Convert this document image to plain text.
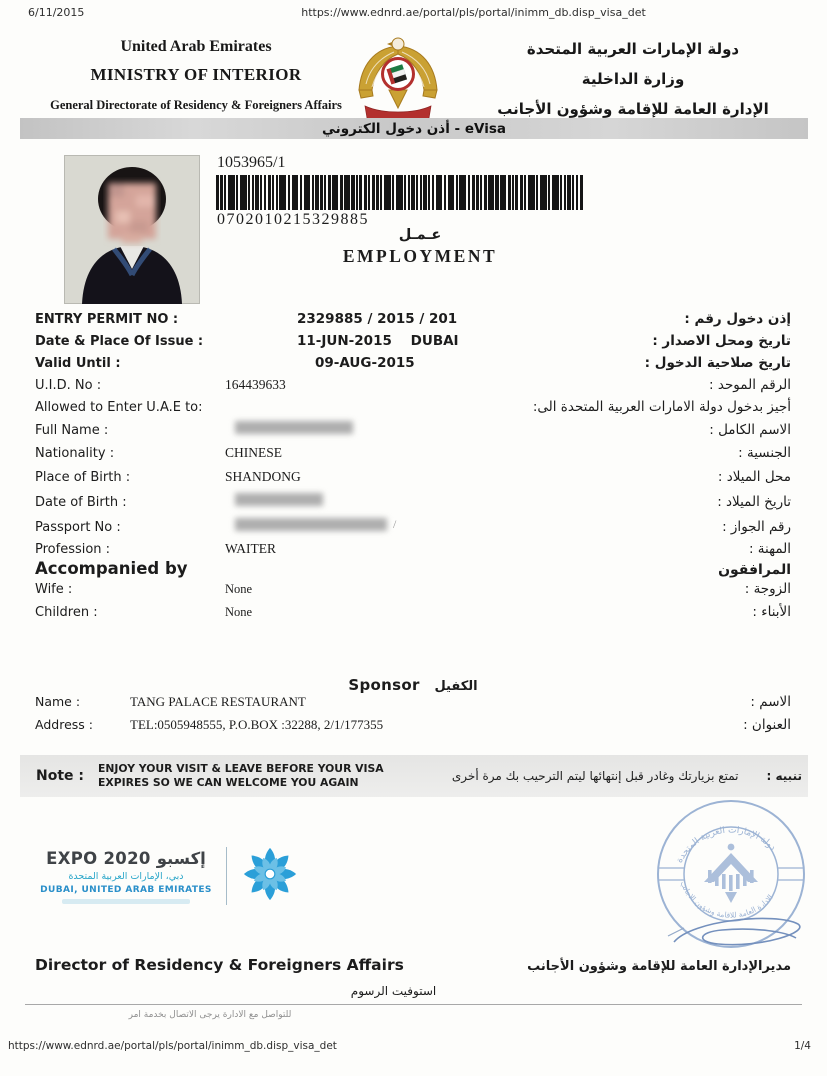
6/11/2015	https://www.ednrd.ae/portal/pls/portal/inimm_db.disp_visa_det
United Arab Emirates
MINISTRY OF INTERIOR
General Directorate of Residency & Foreigners Affairs
دولة الإمارات العربية المتحدة
وزارة الداخلية
الإدارة العامة للإقامة وشؤون الأجانب
أذن دخول الكتروني - eVisa
1053965/1
0702010215329885
عـمـل
EMPLOYMENT
ENTRY PERMIT NO :	2329885 / 2015 / 201	إذن دخول رقم :
Date & Place Of Issue :	11-JUN-2015    DUBAI	تاريخ ومحل الاصدار :
Valid Until :	09-AUG-2015	تاريخ صلاحية الدخول :
U.I.D. No :	164439633	الرقم الموحد :
Allowed to Enter U.A.E to:	أجيز بدخول دولة الامارات العربية المتحدة الى:
Full Name :	الاسم الكامل :
Nationality :	CHINESE	الجنسية :
Place of Birth :	SHANDONG	محل الميلاد :
Date of Birth :	تاريخ الميلاد :
Passport No :	/	رقم الجواز :
Profession :	WAITER	المهنة :
Accompanied by	المرافقون
Wife :	None	الزوجة :
Children :	None	الأبناء :
Sponsor الكفيل
Name :	TANG PALACE RESTAURANT	الاسم :
Address :	TEL:0505948555, P.O.BOX :32288, 2/1/177355	العنوان :
Note : ENJOY YOUR VISIT & LEAVE BEFORE YOUR VISA EXPIRES SO WE CAN WELCOME YOU AGAIN	تنبيه :
تمتع بزيارتك وغادر قبل إنتهائها ليتم الترحيب بك مرة أخرى
EXPO 2020 إكسبو
دبي، الإمارات العربية المتحدة
DUBAI, UNITED ARAB EMIRATES
دولة الإمارات العربية المتحدة
الادارة العامة للاقامة وشؤون الاجانب
Director of Residency & Foreigners Affairs	مديرالإدارة العامة للإقامة وشؤون الأجانب
استوفيت الرسوم
للتواصل مع الادارة يرجى الاتصال بخدمة امر
https://www.ednrd.ae/portal/pls/portal/inimm_db.disp_visa_det	1/4
